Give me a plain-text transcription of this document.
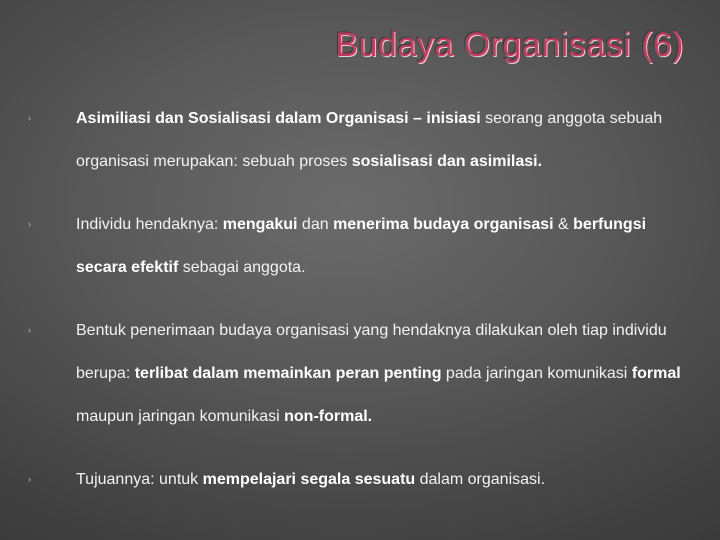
Budaya Organisasi (6)
›	Asimiliasi dan Sosialisasi dalam Organisasi – inisiasi seorang anggota sebuah organisasi merupakan: sebuah proses sosialisasi dan asimilasi.
›	Individu hendaknya: mengakui dan menerima budaya organisasi & berfungsi secara efektif sebagai anggota.
›	Bentuk penerimaan budaya organisasi yang hendaknya dilakukan oleh tiap individu berupa: terlibat dalam memainkan peran penting pada jaringan komunikasi formal maupun jaringan komunikasi non-formal.
›	Tujuannya: untuk mempelajari segala sesuatu dalam organisasi.
